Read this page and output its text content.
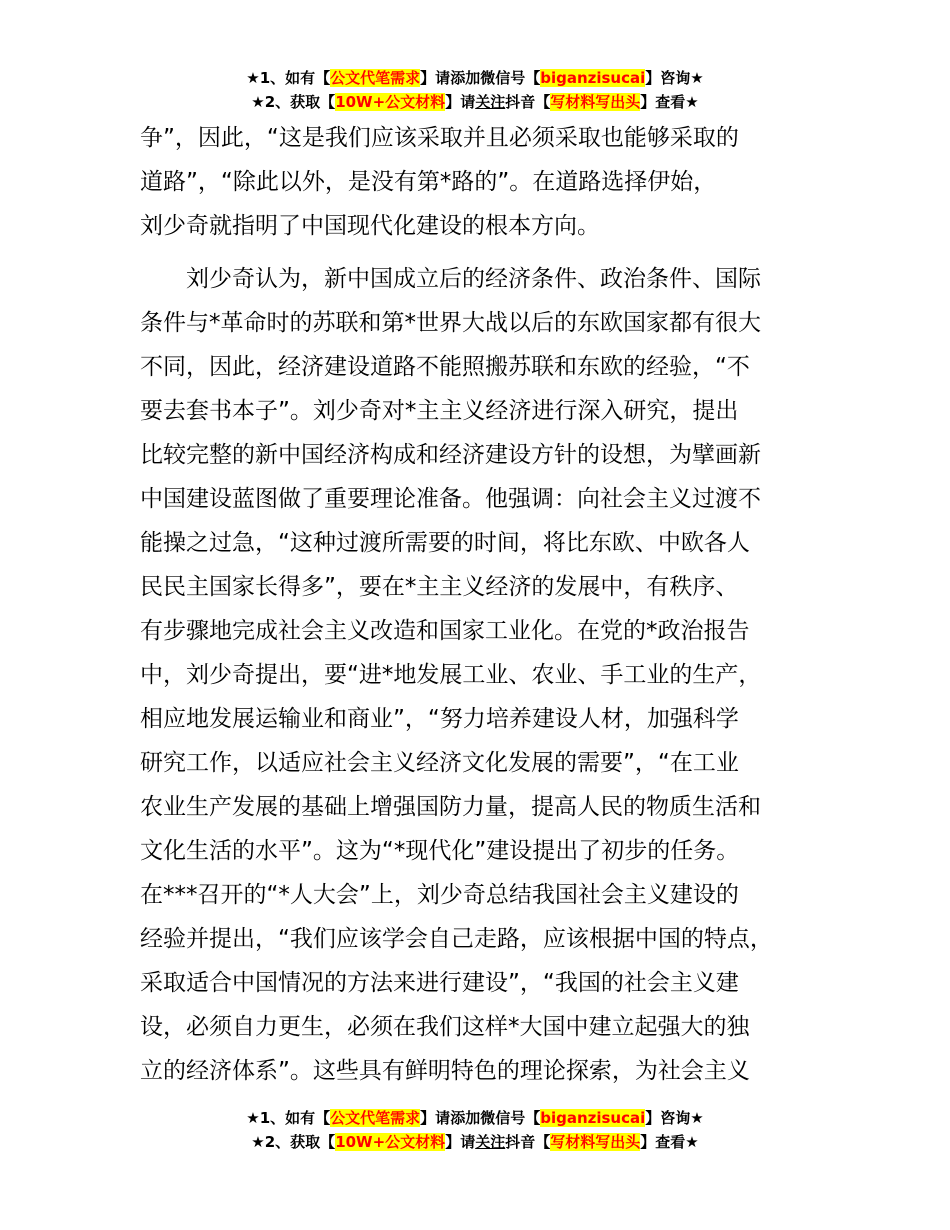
★1、如有【公文代笔需求】请添加微信号【biganzisucai】咨询★
★2、获取【10W+公文材料】请关注抖音【写材料写出头】查看★

争”，因此，“这是我们应该采取并且必须采取也能够采取的
道路”，“除此以外，是没有第*路的”。在道路选择伊始，
刘少奇就指明了中国现代化建设的根本方向。

刘少奇认为，新中国成立后的经济条件、政治条件、国际
条件与*革命时的苏联和第*世界大战以后的东欧国家都有很大
不同，因此，经济建设道路不能照搬苏联和东欧的经验，“不
要去套书本子”。刘少奇对*主主义经济进行深入研究，提出
比较完整的新中国经济构成和经济建设方针的设想，为擘画新
中国建设蓝图做了重要理论准备。他强调：向社会主义过渡不
能操之过急，“这种过渡所需要的时间，将比东欧、中欧各人
民民主国家长得多”，要在*主主义经济的发展中，有秩序、
有步骤地完成社会主义改造和国家工业化。在党的*政治报告
中，刘少奇提出，要“进*地发展工业、农业、手工业的生产，
相应地发展运输业和商业”，“努力培养建设人材，加强科学
研究工作，以适应社会主义经济文化发展的需要”，“在工业
农业生产发展的基础上增强国防力量，提高人民的物质生活和
文化生活的水平”。这为“*现代化”建设提出了初步的任务。
在***召开的“*人大会”上，刘少奇总结我国社会主义建设的
经验并提出，“我们应该学会自己走路，应该根据中国的特点，
采取适合中国情况的方法来进行建设”，“我国的社会主义建
设，必须自力更生，必须在我们这样*大国中建立起强大的独
立的经济体系”。这些具有鲜明特色的理论探索，为社会主义

★1、如有【公文代笔需求】请添加微信号【biganzisucai】咨询★
★2、获取【10W+公文材料】请关注抖音【写材料写出头】查看★
